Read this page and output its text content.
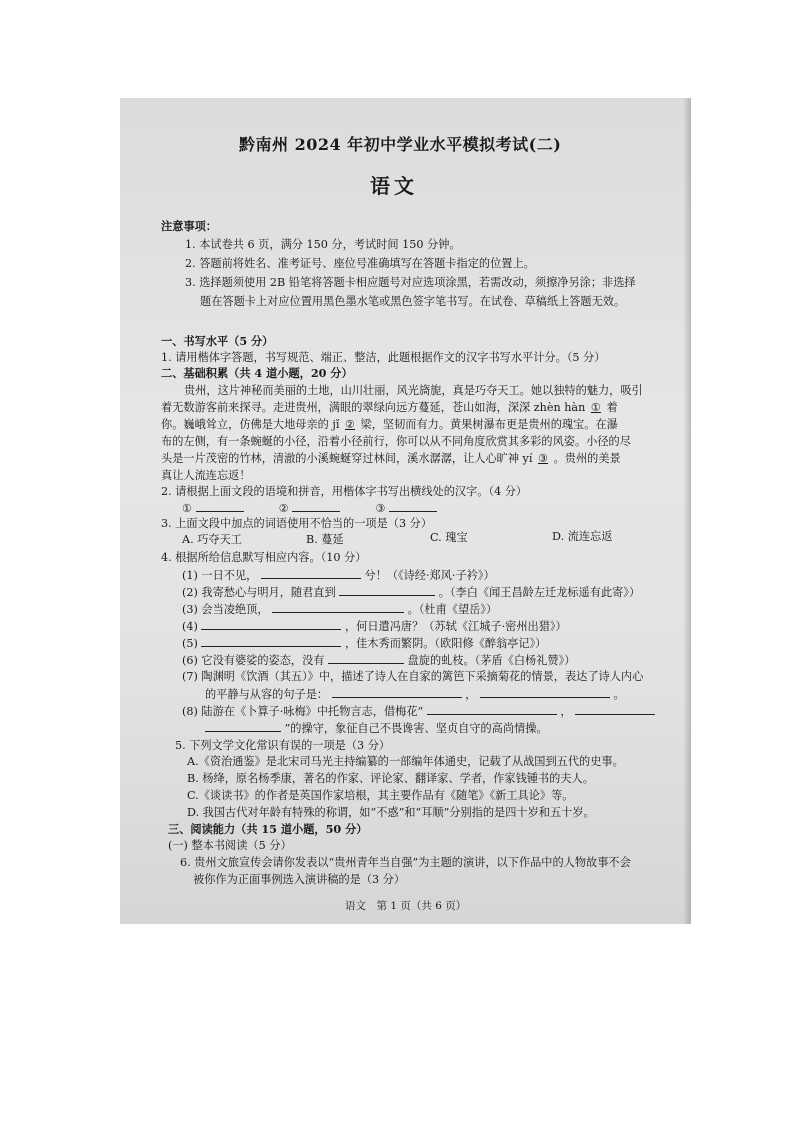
黔南州 2024 年初中学业水平模拟考试(二)
语文
注意事项：
1. 本试卷共 6 页，满分 150 分，考试时间 150 分钟。
2. 答题前将姓名、准考证号、座位号准确填写在答题卡指定的位置上。
3. 选择题须使用 2B 铅笔将答题卡相应题号对应选项涂黑，若需改动，须擦净另涂；非选择
题在答题卡上对应位置用黑色墨水笔或黑色签字笔书写。在试卷、草稿纸上答题无效。
一、书写水平（5 分）
1. 请用楷体字答题，书写规范、端正、整洁，此题根据作文的汉字书写水平计分。（5 分）
二、基础积累（共 4 道小题，20 分）
贵州，这片神秘而美丽的土地，山川壮丽，风光旖旎，真是巧夺天工。她以独特的魅力，吸引
着无数游客前来探寻。走进贵州，满眼的翠绿向远方蔓延，苍山如海，深深 zhèn hàn ① 着
你。巍峨耸立，仿佛是大地母亲的 jǐ ② 梁，坚韧而有力。黄果树瀑布更是贵州的瑰宝。在瀑
布的左侧，有一条蜿蜒的小径，沿着小径前行，你可以从不同角度欣赏其多彩的风姿。小径的尽
头是一片茂密的竹林，清澈的小溪蜿蜒穿过林间，溪水潺潺，让人心旷神 yí ③ 。贵州的美景
真让人流连忘返！
2. 请根据上面文段的语境和拼音，用楷体字书写出横线处的汉字。（4 分）
①	②	③
3. 上面文段中加点的词语使用不恰当的一项是（3 分）
A. 巧夺天工	B. 蔓延	C. 瑰宝	D. 流连忘返
4. 根据所给信息默写相应内容。（10 分）
(1) 一日不见，	兮！（《诗经·郑风·子衿》）
(2) 我寄愁心与明月，随君直到	。（李白《闻王昌龄左迁龙标遥有此寄》）
(3) 会当凌绝顶，	。（杜甫《望岳》）
(4)	，何日遣冯唐？（苏轼《江城子·密州出猎》）
(5)	，佳木秀而繁阴。（欧阳修《醉翁亭记》）
(6) 它没有婆娑的姿态，没有	盘旋的虬枝。（茅盾《白杨礼赞》）
(7) 陶渊明《饮酒（其五）》中，描述了诗人在自家的篱笆下采摘菊花的情景，表达了诗人内心
的平静与从容的句子是：	，	。
(8) 陆游在《卜算子·咏梅》中托物言志，借梅花“	，
”的操守，象征自己不畏谗害、坚贞自守的高尚情操。
5. 下列文学文化常识有误的一项是（3 分）
A.《资治通鉴》是北宋司马光主持编纂的一部编年体通史，记载了从战国到五代的史事。
B. 杨绛，原名杨季康，著名的作家、评论家、翻译家、学者，作家钱锺书的夫人。
C.《谈读书》的作者是英国作家培根，其主要作品有《随笔》《新工具论》等。
D. 我国古代对年龄有特殊的称谓，如“不惑”和“耳顺”分别指的是四十岁和五十岁。
三、阅读能力（共 15 道小题，50 分）
(一) 整本书阅读（5 分）
6. 贵州文旅宣传会请你发表以“贵州青年当自强”为主题的演讲，以下作品中的人物故事不会
被你作为正面事例选入演讲稿的是（3 分）
语文　第 1 页（共 6 页）
